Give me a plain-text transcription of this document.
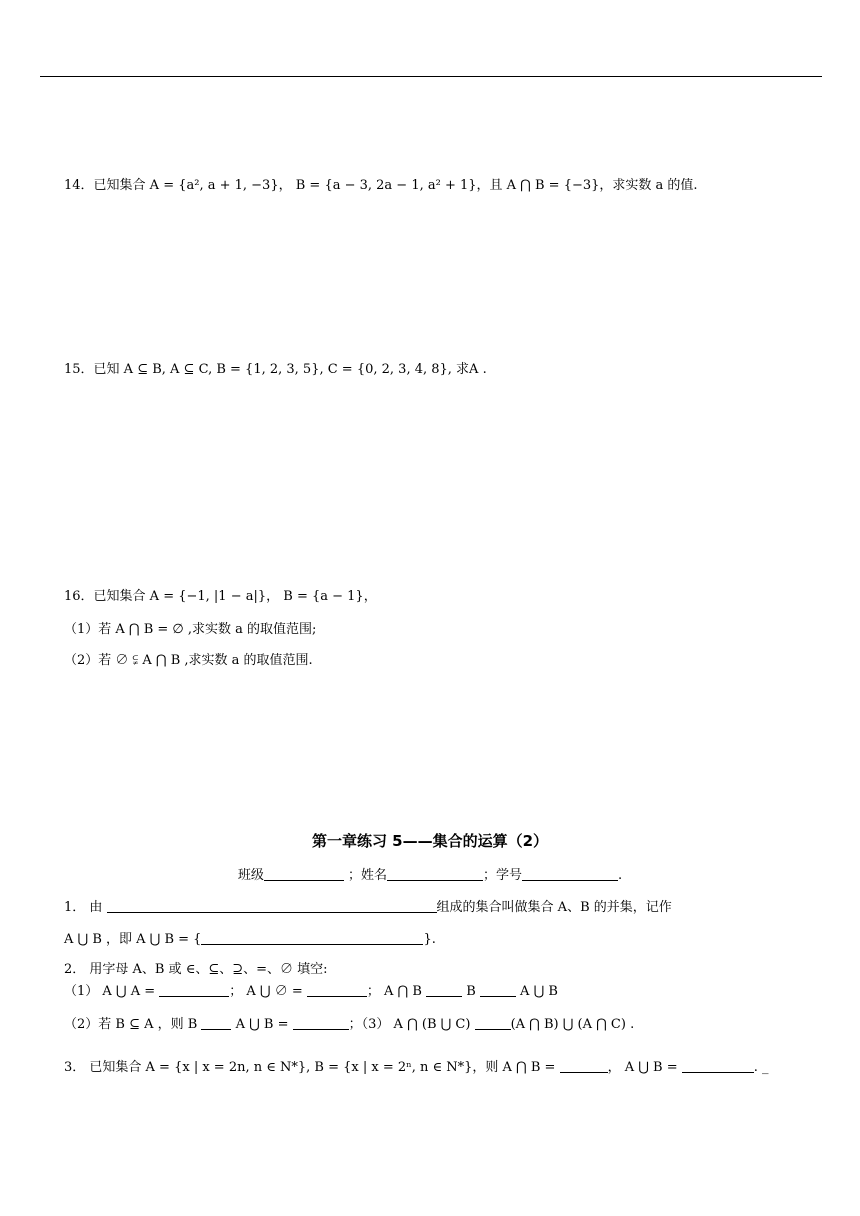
14．已知集合 A = {a², a + 1, −3}， B = {a − 3, 2a − 1, a² + 1}，且 A ⋂ B = {−3}，求实数 a 的值.
15．已知 A ⊆ B, A ⊆ C, B = {1, 2, 3, 5}, C = {0, 2, 3, 4, 8}, 求A .
16．已知集合 A = {−1, |1 − a|}， B = {a − 1}，
（1）若 A ⋂ B = ∅ ,求实数 a 的取值范围;
（2）若 ∅ ⫋ A ⋂ B ,求实数 a 的取值范围.
第一章练习 5——集合的运算（2）
班级	；姓名	；学号	.
1． 由	组成的集合叫做集合 A、B 的并集，记作
A ⋃ B ，即 A ⋃ B = {	}.
2． 用字母 A、B 或 ∈、⊆、⊇、=、∅ 填空:
（1） A ⋃ A =	； A ⋃ ∅ =	； A ⋂ B	B	A ⋃ B
（2）若 B ⊆ A ，则 B	A ⋃ B =	；（3） A ⋂ (B ⋃ C)	(A ⋂ B) ⋃ (A ⋂ C) .
3． 已知集合 A = {x | x = 2n, n ∈ N*}, B = {x | x = 2ⁿ, n ∈ N*}，则 A ⋂ B =	， A ⋃ B =	. _
